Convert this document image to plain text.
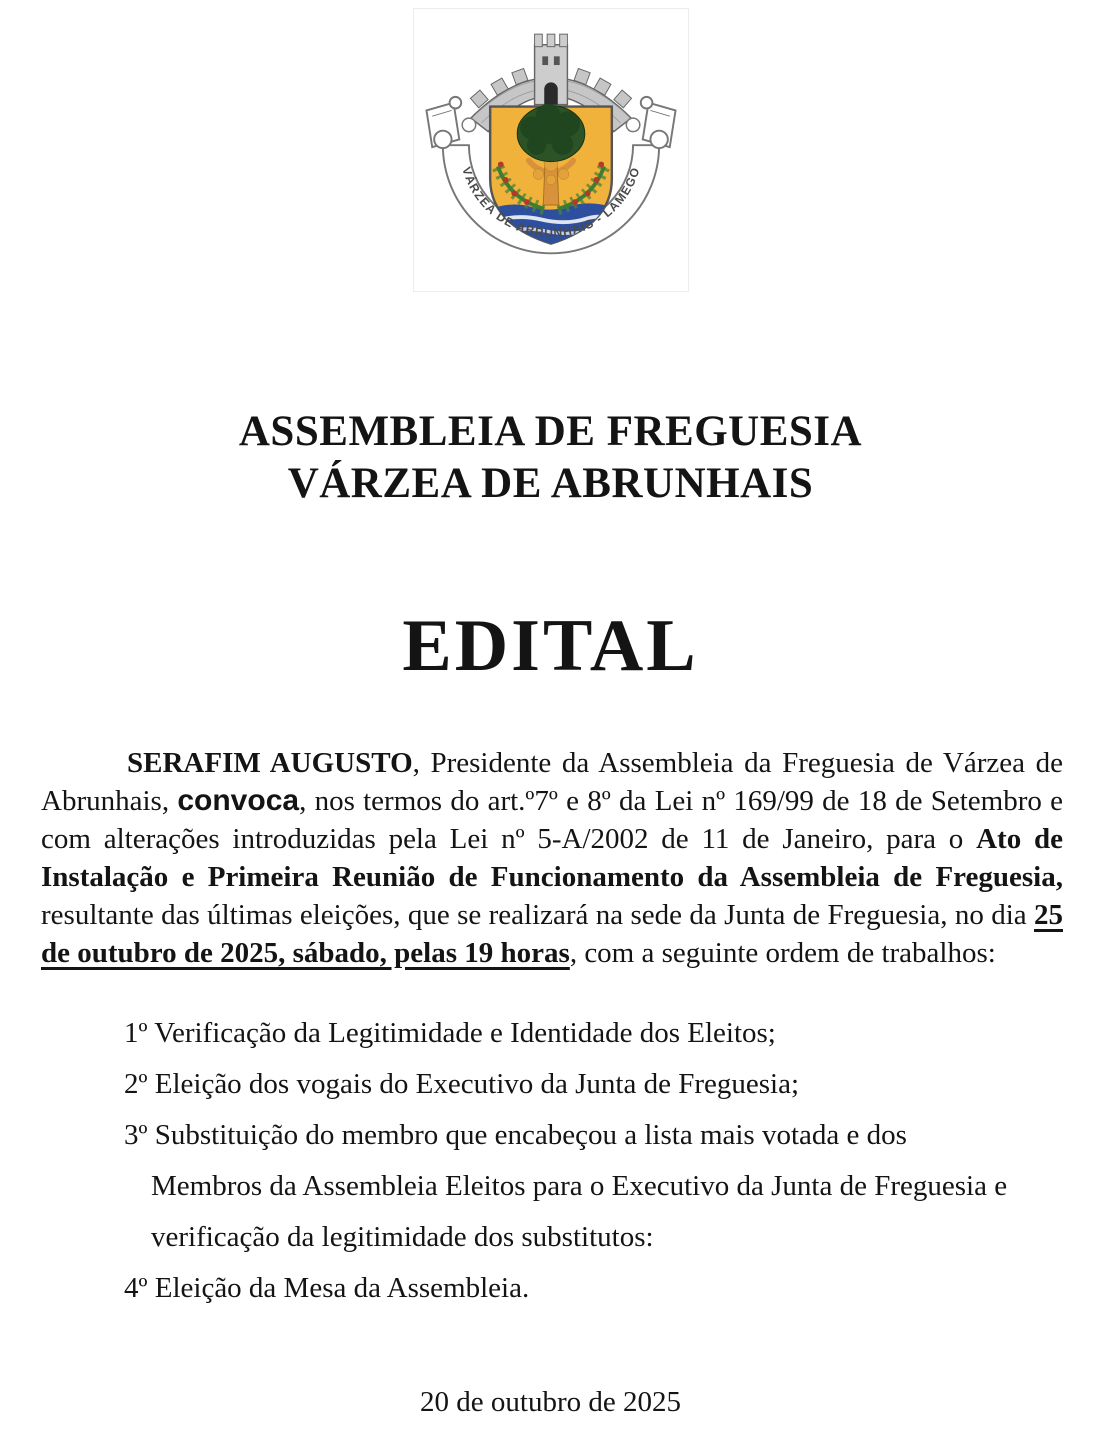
VÁRZEA DE ABRUNHAIS - LAMEGO
ASSEMBLEIA DE FREGUESIA
VÁRZEA DE ABRUNHAIS
EDITAL

SERAFIM AUGUSTO, Presidente da Assembleia da Freguesia de Várzea de Abrunhais, convoca, nos termos do art.º7º e 8º da Lei nº 169/99 de 18 de Setembro e com alterações introduzidas pela Lei nº 5-A/2002 de 11 de Janeiro, para o Ato de Instalação e Primeira Reunião de Funcionamento da Assembleia de Freguesia, resultante das últimas eleições, que se realizará na sede da Junta de Freguesia, no dia 25 de outubro de 2025, sábado, pelas 19 horas, com a seguinte ordem de trabalhos:

1º Verificação da Legitimidade e Identidade dos Eleitos;
2º Eleição dos vogais do Executivo da Junta de Freguesia;
3º Substituição do membro que encabeçou a lista mais votada e dos
Membros da Assembleia Eleitos para o Executivo da Junta de Freguesia e
verificação da legitimidade dos substitutos:
4º Eleição da Mesa da Assembleia.
20 de outubro de 2025
